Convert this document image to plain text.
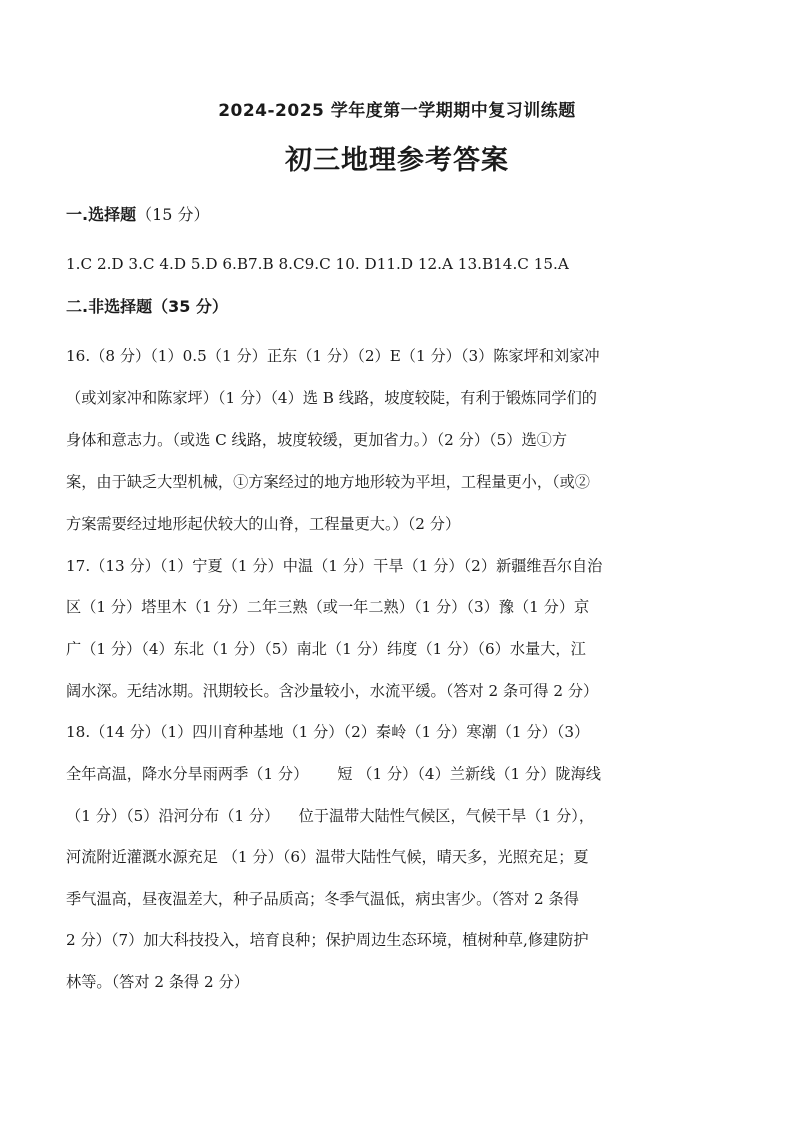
2024-2025 学年度第一学期期中复习训练题
初三地理参考答案
一.选择题（15 分）
1.C 2.D 3.C 4.D 5.D 6.B7.B 8.C9.C 10. D11.D 12.A 13.B14.C 15.A
二.非选择题（35 分）
16.（8 分）（1）0.5（1 分）正东（1 分）（2）E（1 分）（3）陈家坪和刘家冲
（或刘家冲和陈家坪）（1 分）（4）选 B 线路，坡度较陡，有利于锻炼同学们的
身体和意志力。（或选 C 线路，坡度较缓，更加省力。）（2 分）（5）选①方
案，由于缺乏大型机械，①方案经过的地方地形较为平坦，工程量更小，（或②
方案需要经过地形起伏较大的山脊，工程量更大。）（2 分）
17.（13 分）（1）宁夏（1 分）中温（1 分）干旱（1 分）（2）新疆维吾尔自治
区（1 分）塔里木（1 分）二年三熟（或一年二熟）（1 分）（3）豫（1 分）京
广（1 分）（4）东北（1 分）（5）南北（1 分）纬度（1 分）（6）水量大，江
阔水深。无结冰期。汛期较长。含沙量较小，水流平缓。（答对 2 条可得 2 分）
18.（14 分）（1）四川育种基地（1 分）（2）秦岭（1 分）寒潮（1 分）（3）
全年高温，降水分旱雨两季（1 分）      短 （1 分）（4）兰新线（1 分）陇海线
（1 分）（5）沿河分布（1 分）    位于温带大陆性气候区，气候干旱（1 分），
河流附近灌溉水源充足 （1 分）（6）温带大陆性气候，晴天多，光照充足；夏
季气温高，昼夜温差大，种子品质高；冬季气温低，病虫害少。（答对 2 条得
2 分）（7）加大科技投入，培育良种；保护周边生态环境，植树种草,修建防护
林等。（答对 2 条得 2 分）
